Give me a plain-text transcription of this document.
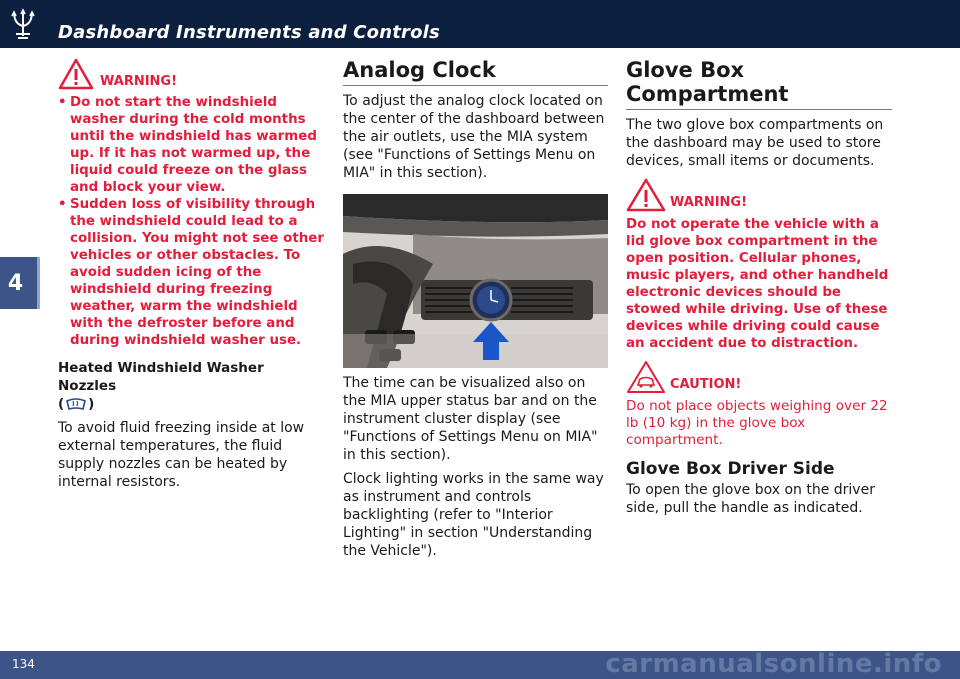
Dashboard Instruments and Controls
4
WARNING!
• Do not start the windshield washer during the cold months until the windshield has warmed up. If it has not warmed up, the liquid could freeze on the glass and block your view.
• Sudden loss of visibility through the windshield could lead to a collision. You might not see other vehicles or other obstacles. To avoid sudden icing of the windshield during freezing weather, warm the windshield with the defroster before and during windshield washer use.
Heated Windshield Washer Nozzles
( )

To avoid fluid freezing inside at low external temperatures, the fluid supply nozzles can be heated by internal resistors.

Analog Clock

To adjust the analog clock located on the center of the dashboard between the air outlets, use the MIA system (see "Functions of Settings Menu on MIA" in this section).

The time can be visualized also on the MIA upper status bar and on the instrument cluster display (see "Functions of Settings Menu on MIA" in this section).

Clock lighting works in the same way as instrument and controls backlighting (refer to "Interior Lighting" in section "Understanding the Vehicle").

Glove Box Compartment

The two glove box compartments on the dashboard may be used to store devices, small items or documents.

WARNING!
Do not operate the vehicle with a lid glove box compartment in the open position. Cellular phones, music players, and other handheld electronic devices should be stowed while driving. Use of these devices while driving could cause an accident due to distraction.
CAUTION!
Do not place objects weighing over 22 lb (10 kg) in the glove box compartment.
Glove Box Driver Side

To open the glove box on the driver side, pull the handle as indicated.

134	carmanualsonline.info
